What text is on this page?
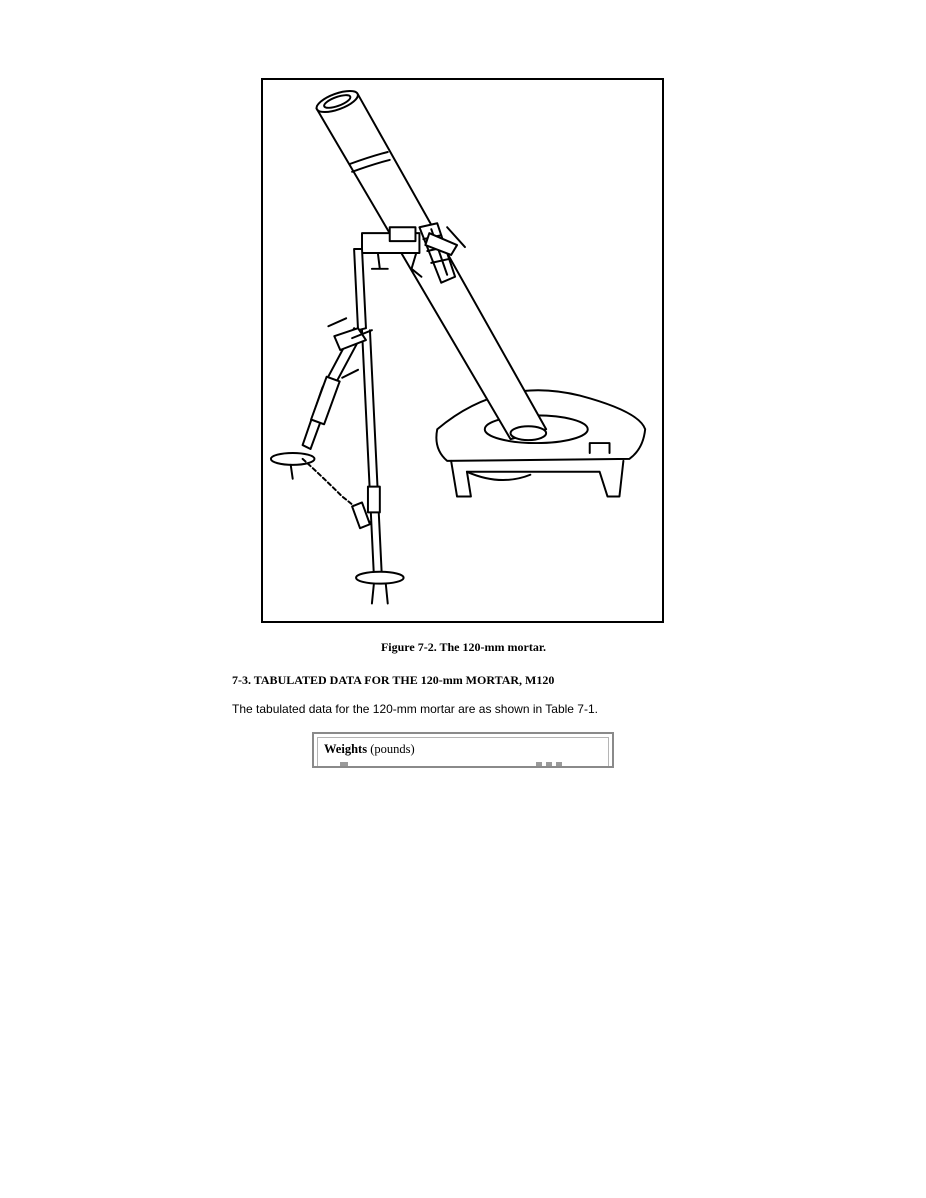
Figure 7-2. The 120-mm mortar.
7-3. TABULATED DATA FOR THE 120-mm MORTAR, M120
The tabulated data for the 120-mm mortar are as shown in Table 7-1.
Weights (pounds)
